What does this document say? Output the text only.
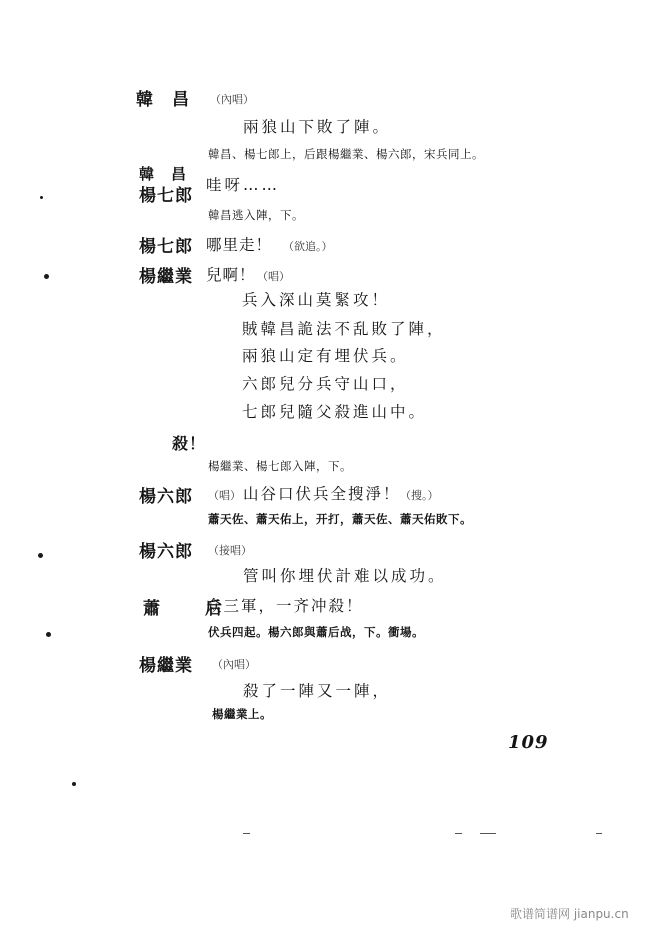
韓　昌 （內唱）
兩狼山下敗了陣。
韓昌、楊七郎上，后跟楊繼業、楊六郎，宋兵同上。
韓　昌
楊七郎
哇呀……
韓昌逃入陣，下。
楊七郎 哪里走！ （欲追。）
楊繼業 兒啊！ （唱）
兵入深山莫緊攻！
賊韓昌詭法不乱敗了陣，
兩狼山定有埋伏兵。
六郎兒分兵守山口，
七郎兒隨父殺進山中。
殺！
楊繼業、楊七郎入陣，下。
楊六郎 （唱） 山谷口伏兵全搜淨！ （搜。）
蕭天佐、蕭天佑上，开打，蕭天佐、蕭天佑敗下。
楊六郎 （接唱）
管叫你埋伏計难以成功。
蕭　后
众三軍，一齐冲殺！
伏兵四起。楊六郎與蕭后战，下。衝場。
楊繼業 （內唱）
殺了一陣又一陣，
楊繼業上。
109
歌谱简谱网 jianpu.cn
